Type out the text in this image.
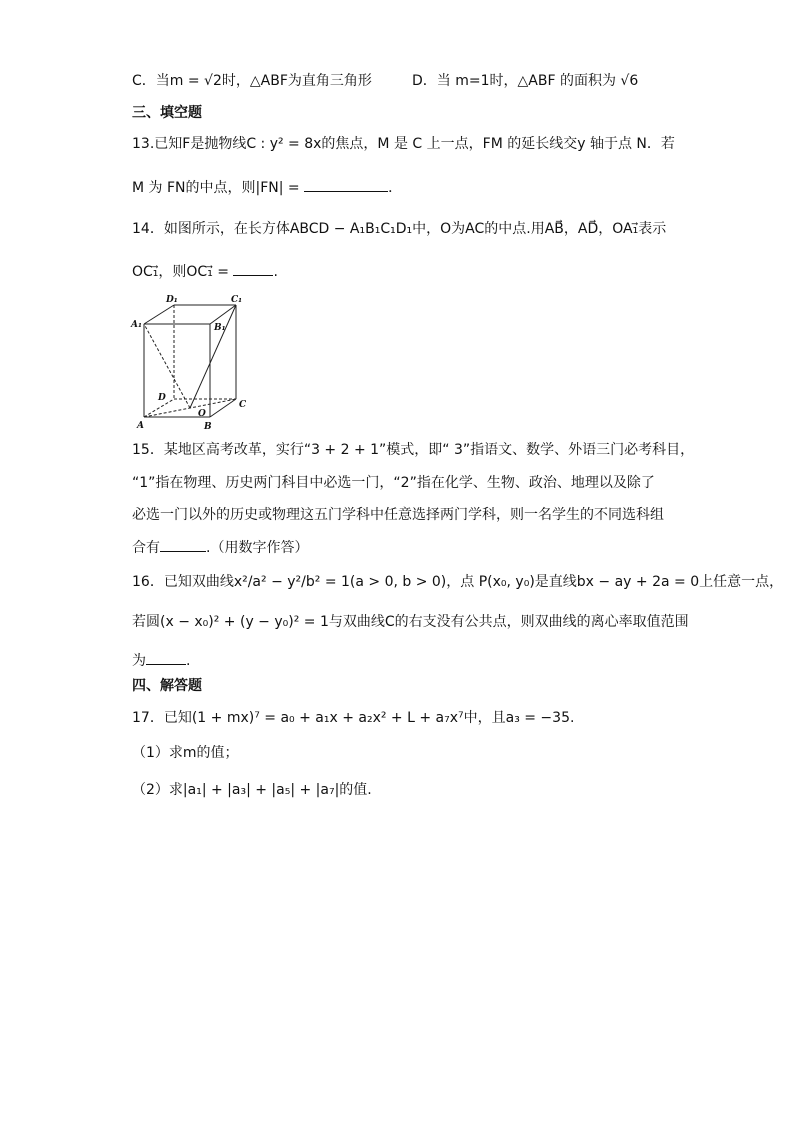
C．当m = √2时，△ABF为直角三角形	D．当 m=1时，△ABF 的面积为 √6
三、填空题
13.已知F是抛物线C : y² = 8x的焦点，M 是 C 上一点，FM 的延长线交y 轴于点 N．若
M 为 FN的中点，则|FN| =	．
14．如图所示，在长方体ABCD − A₁B₁C₁D₁中，O为AC的中点.用AB⃗，AD⃗，OA₁⃗表示
OC₁⃗，则OC₁⃗ =	.
D₁	C₁
A₁	B₁
D
O
C
A	B
15．某地区高考改革，实行“3 + 2 + 1”模式，即“ 3”指语文、数学、外语三门必考科目，
“1”指在物理、历史两门科目中必选一门，“2”指在化学、生物、政治、地理以及除了
必选一门以外的历史或物理这五门学科中任意选择两门学科，则一名学生的不同选科组
合有	.（用数字作答）
16．已知双曲线x²/a² − y²/b² = 1(a > 0, b > 0)，点 P(x₀, y₀)是直线bx − ay + 2a = 0上任意一点，
若圆(x − x₀)² + (y − y₀)² = 1与双曲线C的右支没有公共点，则双曲线的离心率取值范围
为	.
四、解答题
17．已知(1 + mx)⁷ = a₀ + a₁x + a₂x² + L + a₇x⁷中，且a₃ = −35.
（1）求m的值；
（2）求|a₁| + |a₃| + |a₅| + |a₇|的值.
